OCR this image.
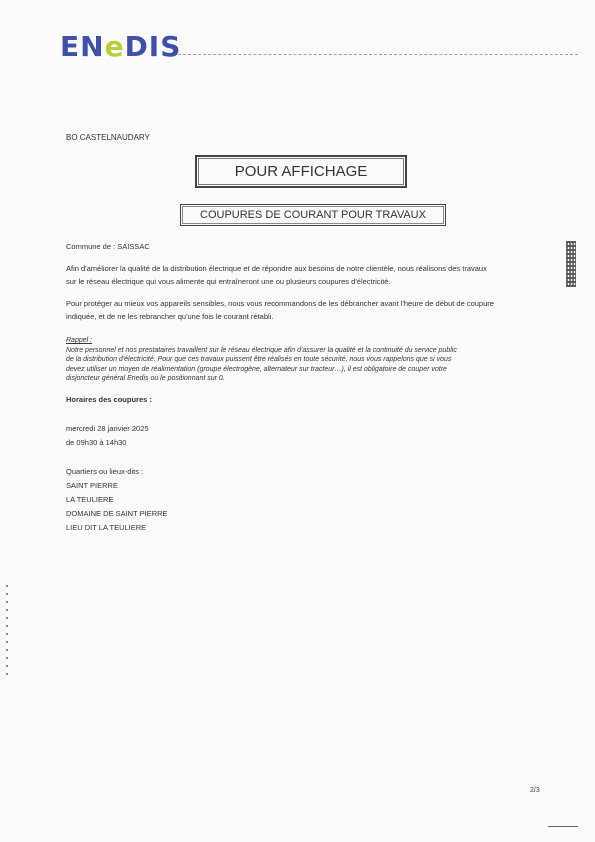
ENeDIS
BO CASTELNAUDARY
POUR AFFICHAGE
COUPURES DE COURANT POUR TRAVAUX
Commune de : SAISSAC
Afin d'améliorer la qualité de la distribution électrique et de répondre aux besoins de notre clientèle, nous réalisons des travaux
sur le réseau électrique qui vous alimente qui entraîneront une ou plusieurs coupures d'électricité.
Pour protéger au mieux vos appareils sensibles, nous vous recommandons de les débrancher avant l'heure de début de coupure
indiquée, et de ne les rebrancher qu'une fois le courant rétabli.
Rappel :
Notre personnel et nos prestataires travaillent sur le réseau électrique afin d'assurer la qualité et la continuité du service public
de la distribution d'électricité. Pour que ces travaux puissent être réalisés en toute sécurité, nous vous rappelons que si vous
devez utiliser un moyen de réalimentation (groupe électrogène, alternateur sur tracteur…), il est obligatoire de couper votre
disjoncteur général Enedis ou le positionnant sur 0.
Horaires des coupures :
mercredi 28 janvier 2025
de 09h30 à 14h30
Quartiers ou lieux-dits :
SAINT PIERRE
LA TEULIERE
DOMAINE DE SAINT PIERRE
LIEU DIT LA TEULIERE
2/3
